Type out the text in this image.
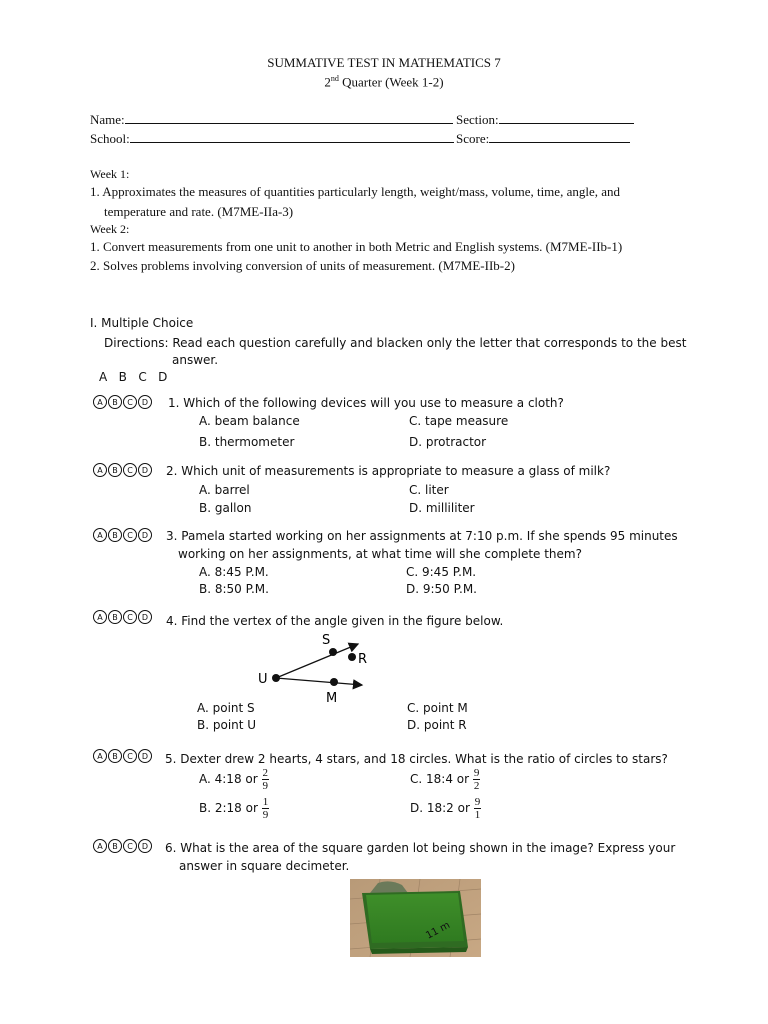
SUMMATIVE TEST IN MATHEMATICS 7
2nd Quarter (Week 1-2)
Name:	Section:
School:	Score:
Week 1:
1. Approximates the measures of quantities particularly length, weight/mass, volume, time, angle, and
temperature and rate. (M7ME-IIa-3)
Week 2:
1. Convert measurements from one unit to another in both Metric and English systems. (M7ME-IIb-1)
2. Solves problems involving conversion of units of measurement. (M7ME-IIb-2)
I. Multiple Choice
Directions: Read each question carefully and blacken only the letter that corresponds to the best
answer.
A   B   C   D
A	B	C	D	1. Which of the following devices will you use to measure a cloth?
A. beam balance	C. tape measure
B. thermometer	D. protractor
A	B	C	D	2. Which unit of measurements is appropriate to measure a glass of milk?
A. barrel	C. liter
B. gallon	D. milliliter
A	B	C	D	3. Pamela started working on her assignments at 7:10 p.m. If she spends 95 minutes
working on her assignments, at what time will she complete them?
A. 8:45 P.M.	C. 9:45 P.M.
B. 8:50 P.M.	D. 9:50 P.M.
A	B	C	D	4. Find the vertex of the angle given in the figure below.
S
R
U
M
A. point S	C. point M
B. point U	D. point R
A	B	C	D	5. Dexter drew 2 hearts, 4 stars, and 18 circles. What is the ratio of circles to stars?
A. 4:18 or $\frac{2}{9}$	C. 18:4 or $\frac{9}{2}$
B. 2:18 or $\frac{1}{9}$	D. 18:2 or $\frac{9}{1}$
A	B	C	D	6. What is the area of the square garden lot being shown in the image? Express your
answer in square decimeter.
11 m
